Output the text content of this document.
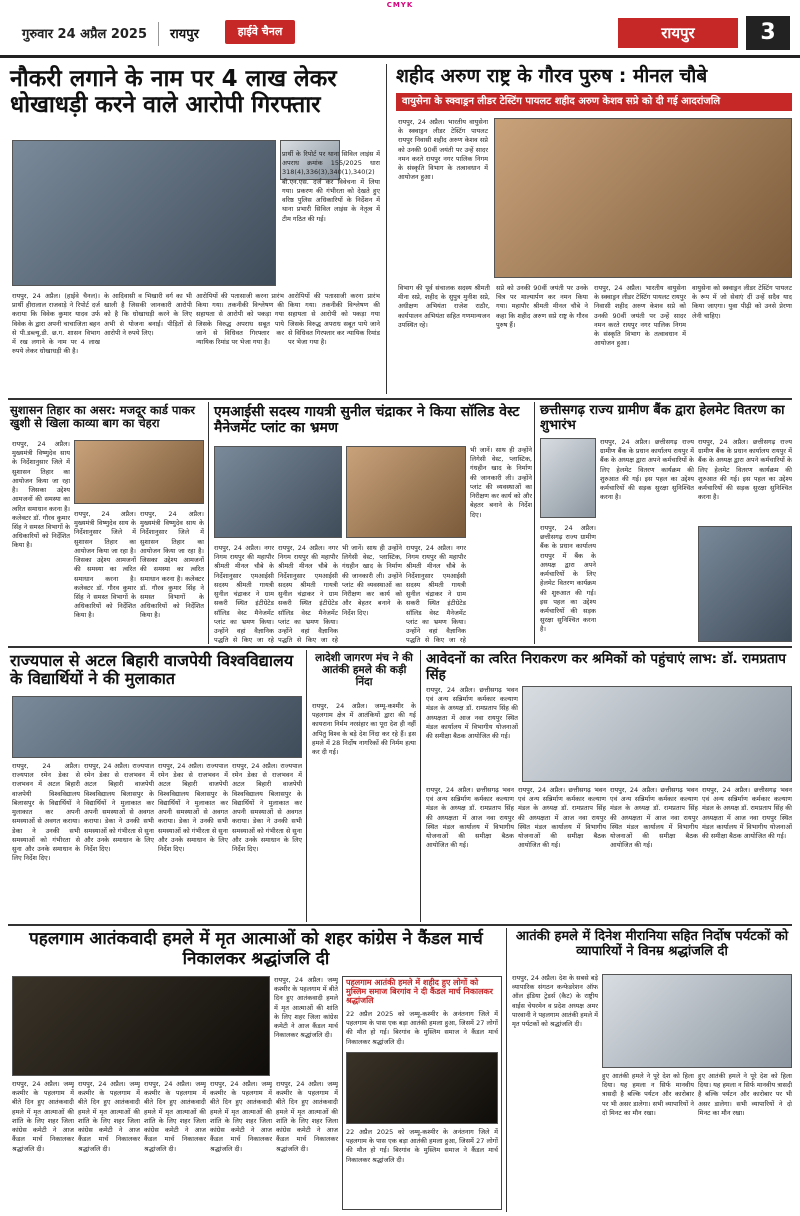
CMYK
गुरुवार 24 अप्रैल 2025 रायपुर	हाईवे चैनल	रायपुर	3
नौकरी लगाने के नाम पर 4 लाख लेकर धोखाधड़ी करने वाले आरोपी गिरफ्तार
प्रार्थी के रिपोर्ट पर थाना सिविल लाइंस में अपराध क्रमांक 155/2025 धारा 318(4),336(3),340(1),340(2) बी.एन.एस. दर्ज कर विवेचना में लिया गया। प्रकरण की गंभीरता को देखते हुए वरिष्ठ पुलिस अधिकारियों के निर्देशन में थाना प्रभारी सिविल लाइंस के नेतृत्व में टीम गठित की गई।
रायपुर, 24 अप्रैल। (हाईवे चैनल)। प्रार्थी हीरालाल राजवाड़े ने रिपोर्ट दर्ज कराया कि विवेक कुमार यादव उर्फ विवेक के द्वारा अपनी चाचाजिता बहन से पी.डब्ल्यू.डी. छ.ग. शासन विभाग में रख लगाने के नाम पर 4 लाख रुपये लेकर धोखाधड़ी की है।
के आदिवासी व भिखारी वर्ग का भी खाली है जिसकी जानकारी आरोपी को है कि धोखाधड़ी करने के लिए अभी से योजना बनाई। पीड़ितों से आरोपी ने रुपये लिए।
आरोपियों की पतासाजी करना प्रारंभ किया गया। तकनीकी विश्लेषण की सहायता से आरोपी को पकड़ा गया जिसके विरुद्ध अपराध सबूत पाये जाने से विधिवत गिरफ्तार कर न्यायिक रिमांड पर भेजा गया है।
आरोपियों की पतासाजी करना प्रारंभ किया गया। तकनीकी विश्लेषण की सहायता से आरोपी को पकड़ा गया जिसके विरुद्ध अपराध सबूत पाये जाने से विधिवत गिरफ्तार कर न्यायिक रिमांड पर भेजा गया है।
शहीद अरुण राष्ट्र के गौरव पुरुष : मीनल चौबे
वायुसेना के स्क्वाड्रन लीडर टेस्टिंग पायलट शहीद अरुण केशव सप्रे को दी गई आदरांजलि
रायपुर, 24 अप्रैल। भारतीय वायुसेना के स्क्वाड्रन लीडर टेस्टिंग पायलट रायपुर निवासी शहीद अरुण केशव सप्रे को उनकी 90वीं जयंती पर उन्हें सादर नमन करते रायपुर नगर पालिक निगम के संस्कृति विभाग के तत्वावधान में आयोजन हुआ।
विभाग की पूर्व संचालक सदस्य श्रीमती मीना सप्रे, शहीद के सुपुत्र मुनीश सप्रे, अधीक्षण अभियंता राजेश राठौर, कार्यपालन अभियंता सहित गणमान्यजन उपस्थित रहे।
सप्रे को उनकी 90वीं जयंती पर उनके चित्र पर माल्यार्पण कर नमन किया गया। महापौर श्रीमती मीनल चौबे ने कहा कि शहीद अरुण सप्रे राष्ट्र के गौरव पुरुष हैं।
रायपुर, 24 अप्रैल। भारतीय वायुसेना के स्क्वाड्रन लीडर टेस्टिंग पायलट रायपुर निवासी शहीद अरुण केशव सप्रे को उनकी 90वीं जयंती पर उन्हें सादर नमन करते रायपुर नगर पालिक निगम के संस्कृति विभाग के तत्वावधान में आयोजन हुआ।
वायुसेना को स्क्वाड्रन लीडर टेस्टिंग पायलट के रूप में जो सेवाएं दीं उन्हें सदैव याद किया जाएगा। युवा पीढ़ी को उनसे प्रेरणा लेनी चाहिए।
सुशासन तिहार का असर: मजदूर कार्ड पाकर खुशी से खिला काव्या बाग का चेहरा
रायपुर, 24 अप्रैल। मुख्यमंत्री विष्णुदेव साय के निर्देशानुसार जिले में सुशासन तिहार का आयोजन किया जा रहा है। जिसका उद्देश्य आमजनों की समस्या का त्वरित समाधान करना है। कलेक्टर डॉ. गौरव कुमार सिंह ने समस्त विभागों के अधिकारियों को निर्देशित किया है।
रायपुर, 24 अप्रैल। मुख्यमंत्री विष्णुदेव साय के निर्देशानुसार जिले में सुशासन तिहार का आयोजन किया जा रहा है। जिसका उद्देश्य आमजनों की समस्या का त्वरित समाधान करना है। कलेक्टर डॉ. गौरव कुमार सिंह ने समस्त विभागों के अधिकारियों को निर्देशित किया है।
रायपुर, 24 अप्रैल। मुख्यमंत्री विष्णुदेव साय के निर्देशानुसार जिले में सुशासन तिहार का आयोजन किया जा रहा है। जिसका उद्देश्य आमजनों की समस्या का त्वरित समाधान करना है। कलेक्टर डॉ. गौरव कुमार सिंह ने समस्त विभागों के अधिकारियों को निर्देशित किया है।
एमआईसी सदस्य गायत्री सुनील चंद्राकर ने किया सॉलिड वेस्ट मैनेजमेंट प्लांट का भ्रमण
भी जानें। साथ ही उन्होंने लिगेसी वेस्ट, प्लास्टिक, गंधहीन खाद के निर्माण की जानकारी ली। उन्होंने प्लांट की व्यवस्थाओं का निरीक्षण कर कार्य को और बेहतर बनाने के निर्देश दिए।
रायपुर, 24 अप्रैल। नगर निगम रायपुर की महापौर श्रीमती मीनल चौबे के निर्देशानुसार एमआईसी सदस्य श्रीमती गायत्री सुनील चंद्राकर ने ग्राम सकरी स्थित इंटीग्रेटेड सॉलिड वेस्ट मैनेजमेंट प्लांट का भ्रमण किया। उन्होंने वहां वैज्ञानिक पद्धति से किए जा रहे
रायपुर, 24 अप्रैल। नगर निगम रायपुर की महापौर श्रीमती मीनल चौबे के निर्देशानुसार एमआईसी सदस्य श्रीमती गायत्री सुनील चंद्राकर ने ग्राम सकरी स्थित इंटीग्रेटेड सॉलिड वेस्ट मैनेजमेंट प्लांट का भ्रमण किया। उन्होंने वहां वैज्ञानिक पद्धति से किए जा रहे
भी जानें। साथ ही उन्होंने लिगेसी वेस्ट, प्लास्टिक, गंधहीन खाद के निर्माण की जानकारी ली। उन्होंने प्लांट की व्यवस्थाओं का निरीक्षण कर कार्य को और बेहतर बनाने के निर्देश दिए।
रायपुर, 24 अप्रैल। नगर निगम रायपुर की महापौर श्रीमती मीनल चौबे के निर्देशानुसार एमआईसी सदस्य श्रीमती गायत्री सुनील चंद्राकर ने ग्राम सकरी स्थित इंटीग्रेटेड सॉलिड वेस्ट मैनेजमेंट प्लांट का भ्रमण किया। उन्होंने वहां वैज्ञानिक पद्धति से किए जा रहे
छत्तीसगढ़ राज्य ग्रामीण बैंक द्वारा हेलमेट वितरण का शुभारंभ
रायपुर, 24 अप्रैल। छत्तीसगढ़ राज्य ग्रामीण बैंक के प्रधान कार्यालय रायपुर में बैंक के अध्यक्ष द्वारा अपने कर्मचारियों के लिए हेलमेट वितरण कार्यक्रम की शुरुआत की गई। इस पहल का उद्देश्य कर्मचारियों की सड़क सुरक्षा सुनिश्चित करना है।
रायपुर, 24 अप्रैल। छत्तीसगढ़ राज्य ग्रामीण बैंक के प्रधान कार्यालय रायपुर में बैंक के अध्यक्ष द्वारा अपने कर्मचारियों के लिए हेलमेट वितरण कार्यक्रम की शुरुआत की गई। इस पहल का उद्देश्य कर्मचारियों की सड़क सुरक्षा सुनिश्चित करना है।
रायपुर, 24 अप्रैल। छत्तीसगढ़ राज्य ग्रामीण बैंक के प्रधान कार्यालय रायपुर में बैंक के अध्यक्ष द्वारा अपने कर्मचारियों के लिए हेलमेट वितरण कार्यक्रम की शुरुआत की गई। इस पहल का उद्देश्य कर्मचारियों की सड़क सुरक्षा सुनिश्चित करना है।
राज्यपाल से अटल बिहारी वाजपेयी विश्वविद्यालय के विद्यार्थियों ने की मुलाकात
रायपुर, 24 अप्रैल। राज्यपाल रमेन डेका से राजभवन में अटल बिहारी वाजपेयी विश्वविद्यालय बिलासपुर के विद्यार्थियों ने मुलाकात कर अपनी समस्याओं से अवगत कराया। डेका ने उनकी सभी समस्याओं को गंभीरता से सुना और उनके समाधान के लिए निर्देश दिए।
रायपुर, 24 अप्रैल। राज्यपाल रमेन डेका से राजभवन में अटल बिहारी वाजपेयी विश्वविद्यालय बिलासपुर के विद्यार्थियों ने मुलाकात कर अपनी समस्याओं से अवगत कराया। डेका ने उनकी सभी समस्याओं को गंभीरता से सुना और उनके समाधान के लिए निर्देश दिए।
रायपुर, 24 अप्रैल। राज्यपाल रमेन डेका से राजभवन में अटल बिहारी वाजपेयी विश्वविद्यालय बिलासपुर के विद्यार्थियों ने मुलाकात कर अपनी समस्याओं से अवगत कराया। डेका ने उनकी सभी समस्याओं को गंभीरता से सुना और उनके समाधान के लिए निर्देश दिए।
रायपुर, 24 अप्रैल। राज्यपाल रमेन डेका से राजभवन में अटल बिहारी वाजपेयी विश्वविद्यालय बिलासपुर के विद्यार्थियों ने मुलाकात कर अपनी समस्याओं से अवगत कराया। डेका ने उनकी सभी समस्याओं को गंभीरता से सुना और उनके समाधान के लिए निर्देश दिए।
लादेशी जागरण मंच ने की आतंकी हमले की कड़ी निंदा
रायपुर, 24 अप्रैल। जम्मू-कश्मीर के पहलगाम क्षेत्र में आतंकियों द्वारा की गई कायराना निर्मम नरसंहार का पूरा देश ही नहीं अपितु विश्व के बड़े देश निंदा कर रहे हैं। इस हमले में 28 निर्दोष नागरिकों की निर्मम हत्या कर दी गई।
आवेदनों का त्वरित निराकरण कर श्रमिकों को पहुंचाएं लाभ: डॉ. रामप्रताप सिंह
रायपुर, 24 अप्रैल। छत्तीसगढ़ भवन एवं अन्य सन्निर्माण कर्मकार कल्याण मंडल के अध्यक्ष डॉ. रामप्रताप सिंह की अध्यक्षता में आज नवा रायपुर स्थित मंडल कार्यालय में विभागीय योजनाओं की समीक्षा बैठक आयोजित की गई।
रायपुर, 24 अप्रैल। छत्तीसगढ़ भवन एवं अन्य सन्निर्माण कर्मकार कल्याण मंडल के अध्यक्ष डॉ. रामप्रताप सिंह की अध्यक्षता में आज नवा रायपुर स्थित मंडल कार्यालय में विभागीय योजनाओं की समीक्षा बैठक आयोजित की गई।
रायपुर, 24 अप्रैल। छत्तीसगढ़ भवन एवं अन्य सन्निर्माण कर्मकार कल्याण मंडल के अध्यक्ष डॉ. रामप्रताप सिंह की अध्यक्षता में आज नवा रायपुर स्थित मंडल कार्यालय में विभागीय योजनाओं की समीक्षा बैठक आयोजित की गई।
रायपुर, 24 अप्रैल। छत्तीसगढ़ भवन एवं अन्य सन्निर्माण कर्मकार कल्याण मंडल के अध्यक्ष डॉ. रामप्रताप सिंह की अध्यक्षता में आज नवा रायपुर स्थित मंडल कार्यालय में विभागीय योजनाओं की समीक्षा बैठक आयोजित की गई।
रायपुर, 24 अप्रैल। छत्तीसगढ़ भवन एवं अन्य सन्निर्माण कर्मकार कल्याण मंडल के अध्यक्ष डॉ. रामप्रताप सिंह की अध्यक्षता में आज नवा रायपुर स्थित मंडल कार्यालय में विभागीय योजनाओं की समीक्षा बैठक आयोजित की गई।
पहलगाम आतंकवादी हमले में मृत आत्माओं को शहर कांग्रेस ने कैंडल मार्च निकालकर श्रद्धांजलि दी
रायपुर, 24 अप्रैल। जम्मू कश्मीर के पहलगाम में बीते दिन हुए आतंकवादी हमले में मृत आत्माओं की शांति के लिए शहर जिला कांग्रेस कमेटी ने आज कैंडल मार्च निकालकर श्रद्धांजलि दी।
पहलगाम आतंकी हमले में शहीद हुए लोगों को मुस्लिम समाज बिरगांव ने दी कैंडल मार्च निकालकर श्रद्धांजलि
22 अप्रैल 2025 को जम्मू-कश्मीर के अनंतनाग जिले में पहलगाम के पास एक बड़ा आतंकी हमला हुआ, जिसमें 27 लोगों की मौत हो गई। बिरगांव के मुस्लिम समाज ने कैंडल मार्च निकालकर श्रद्धांजलि दी।
22 अप्रैल 2025 को जम्मू-कश्मीर के अनंतनाग जिले में पहलगाम के पास एक बड़ा आतंकी हमला हुआ, जिसमें 27 लोगों की मौत हो गई। बिरगांव के मुस्लिम समाज ने कैंडल मार्च निकालकर श्रद्धांजलि दी।
रायपुर, 24 अप्रैल। जम्मू कश्मीर के पहलगाम में बीते दिन हुए आतंकवादी हमले में मृत आत्माओं की शांति के लिए शहर जिला कांग्रेस कमेटी ने आज कैंडल मार्च निकालकर श्रद्धांजलि दी।
रायपुर, 24 अप्रैल। जम्मू कश्मीर के पहलगाम में बीते दिन हुए आतंकवादी हमले में मृत आत्माओं की शांति के लिए शहर जिला कांग्रेस कमेटी ने आज कैंडल मार्च निकालकर श्रद्धांजलि दी।
रायपुर, 24 अप्रैल। जम्मू कश्मीर के पहलगाम में बीते दिन हुए आतंकवादी हमले में मृत आत्माओं की शांति के लिए शहर जिला कांग्रेस कमेटी ने आज कैंडल मार्च निकालकर श्रद्धांजलि दी।
रायपुर, 24 अप्रैल। जम्मू कश्मीर के पहलगाम में बीते दिन हुए आतंकवादी हमले में मृत आत्माओं की शांति के लिए शहर जिला कांग्रेस कमेटी ने आज कैंडल मार्च निकालकर श्रद्धांजलि दी।
रायपुर, 24 अप्रैल। जम्मू कश्मीर के पहलगाम में बीते दिन हुए आतंकवादी हमले में मृत आत्माओं की शांति के लिए शहर जिला कांग्रेस कमेटी ने आज कैंडल मार्च निकालकर श्रद्धांजलि दी।
आतंकी हमले में दिनेश मीरानिया सहित निर्दोष पर्यटकों को व्यापारियों ने विनम्र श्रद्धांजलि दी
रायपुर, 24 अप्रैल। देश के सबसे बड़े व्यापारिक संगठन कन्फेडरेशन ऑफ ऑल इंडिया ट्रेडर्स (कैट) के राष्ट्रीय वाईस चेयरमेन व प्रदेश अध्यक्ष अमर पारवानी ने पहलगाम आतंकी हमले में मृत पर्यटकों को श्रद्धांजलि दी।
हुए आतंकी हमले ने पूरे देश को हिला दिया। यह हमला न सिर्फ मानवीय त्रासदी है बल्कि पर्यटन और कारोबार पर भी असर डालेगा। सभी व्यापारियों ने दो मिनट का मौन रखा।
हुए आतंकी हमले ने पूरे देश को हिला दिया। यह हमला न सिर्फ मानवीय त्रासदी है बल्कि पर्यटन और कारोबार पर भी असर डालेगा। सभी व्यापारियों ने दो मिनट का मौन रखा।
